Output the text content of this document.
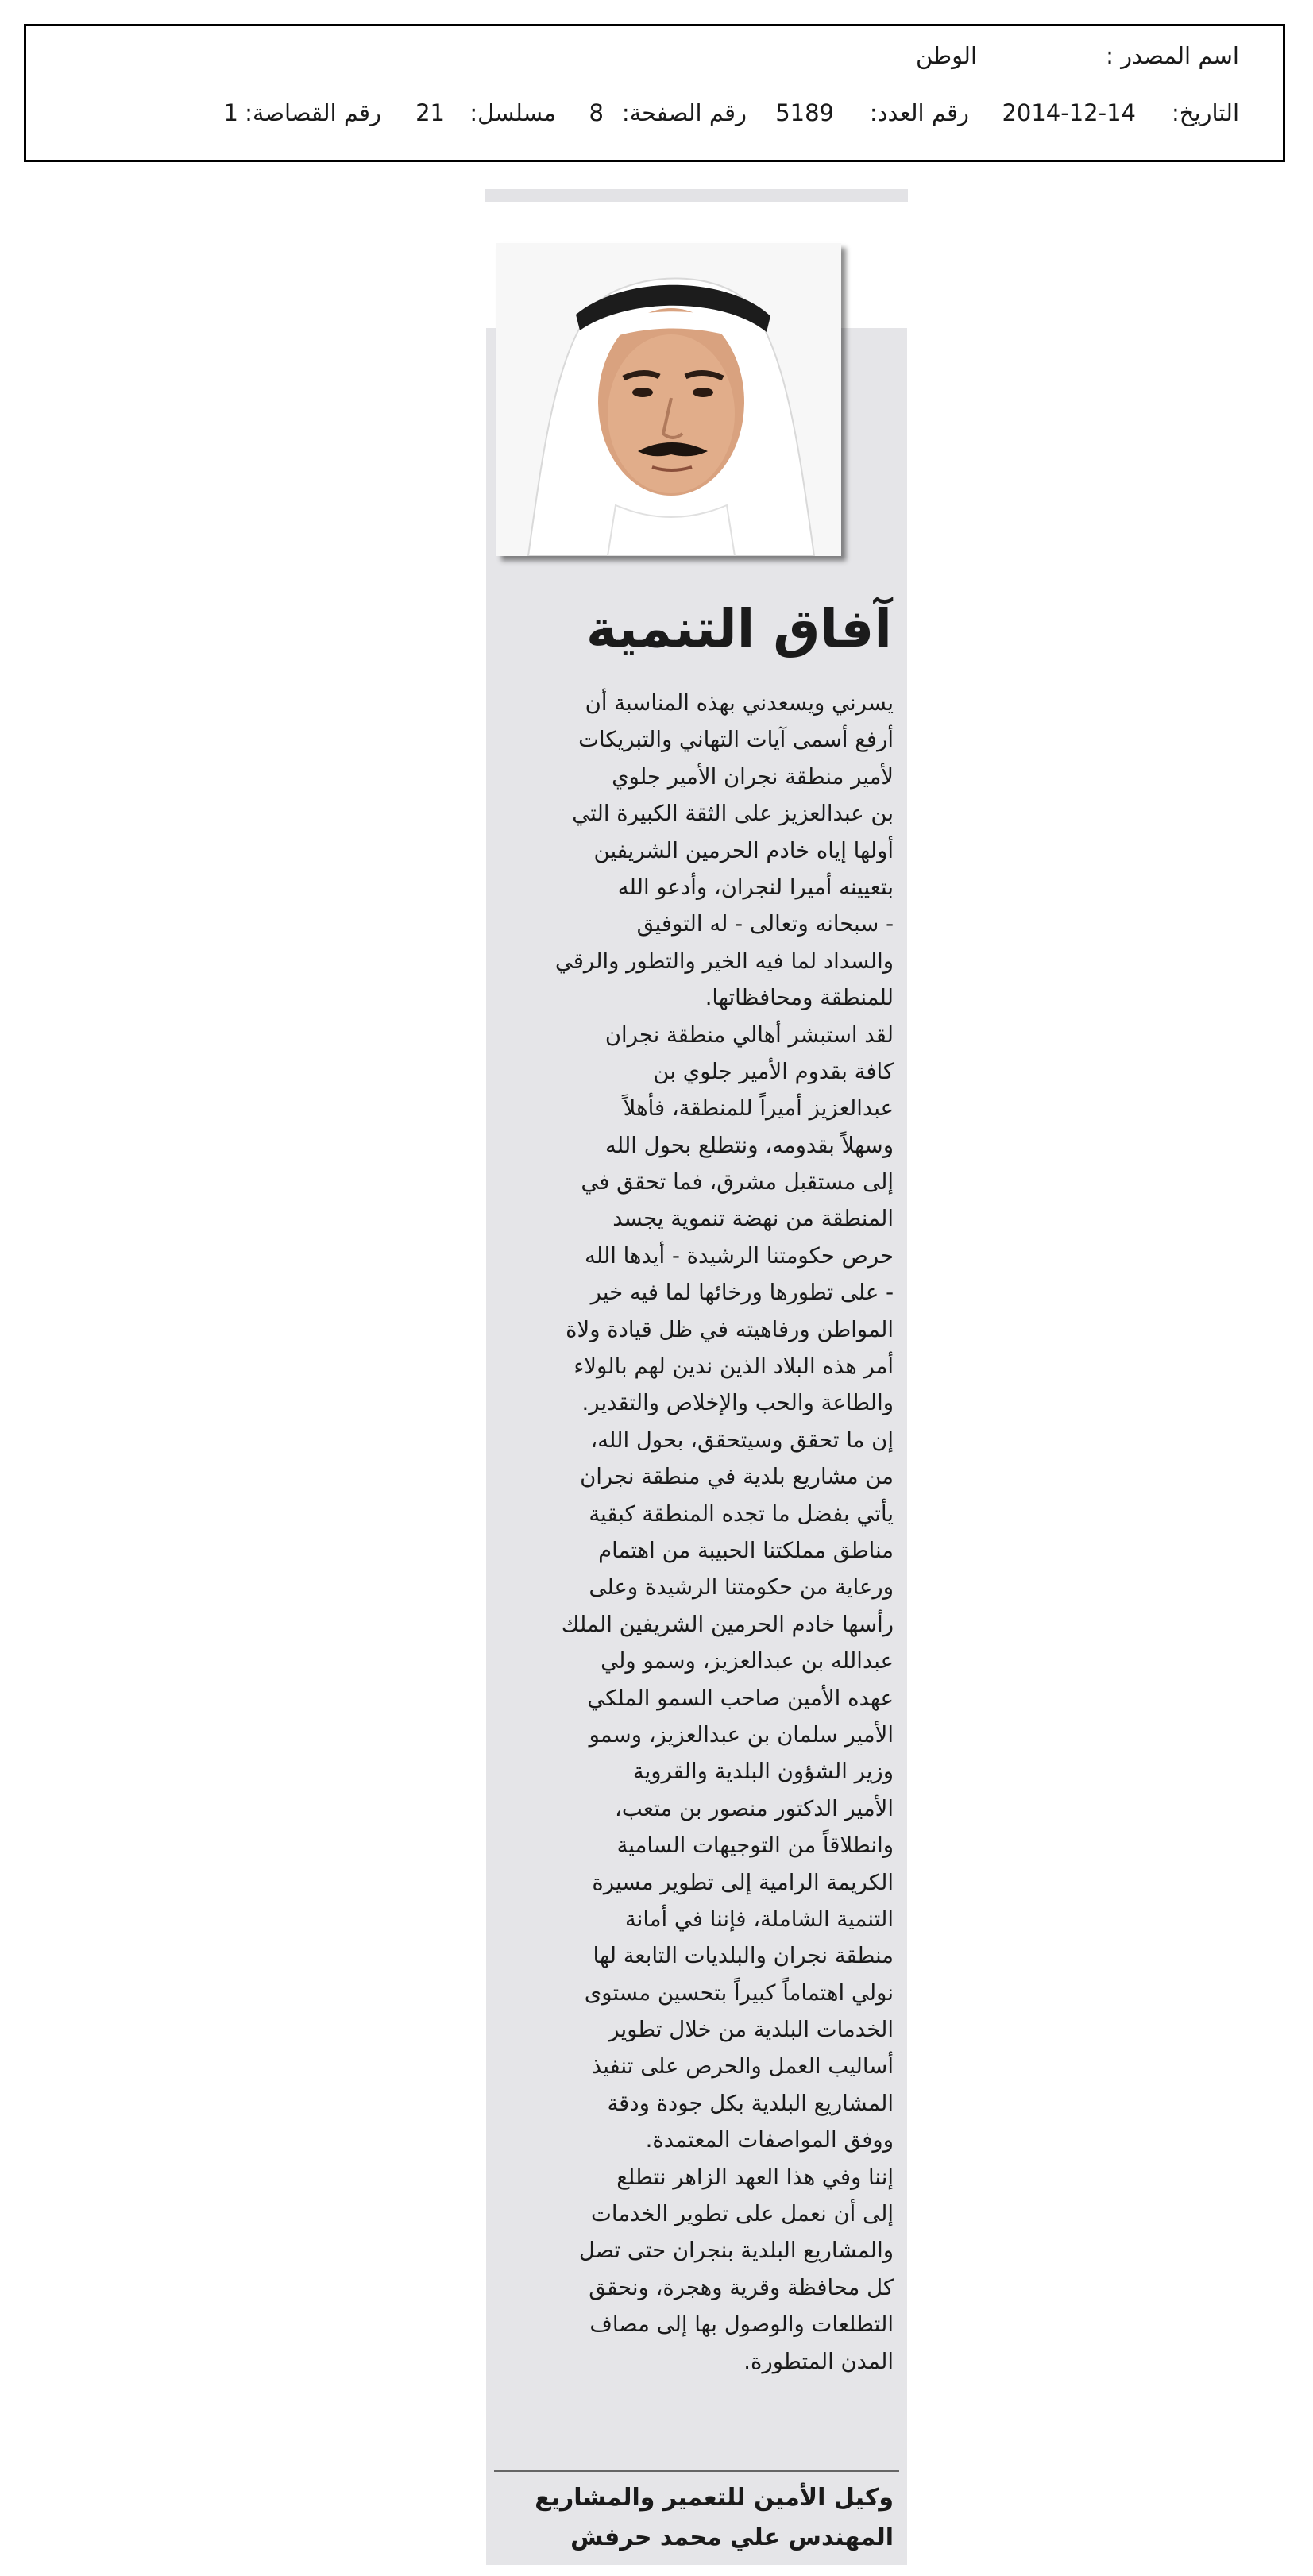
اسم المصدر :
الوطن
التاريخ:
2014-12-14
رقم العدد:
5189
رقم الصفحة:
8
مسلسل:
21
رقم القصاصة:
1
آفاق التنمية
يسرني ويسعدني بهذه المناسبة أن
أرفع أسمى آيات التهاني والتبريكات
لأمير منطقة نجران الأمير جلوي
بن عبدالعزيز على الثقة الكبيرة التي
أولها إياه خادم الحرمين الشريفين
بتعيينه أميرا لنجران، وأدعو الله
- سبحانه وتعالى - له التوفيق
والسداد لما فيه الخير والتطور والرقي
للمنطقة ومحافظاتها.
لقد استبشر أهالي منطقة نجران
كافة بقدوم الأمير جلوي بن
عبدالعزيز أميراً للمنطقة، فأهلاً
وسهلاً بقدومه، ونتطلع بحول الله
إلى مستقبل مشرق، فما تحقق في
المنطقة من نهضة تنموية يجسد
حرص حكومتنا الرشيدة - أيدها الله
- على تطورها ورخائها لما فيه خير
المواطن ورفاهيته في ظل قيادة ولاة
أمر هذه البلاد الذين ندين لهم بالولاء
والطاعة والحب والإخلاص والتقدير.
إن ما تحقق وسيتحقق، بحول الله،
من مشاريع بلدية في منطقة نجران
يأتي بفضل ما تجده المنطقة كبقية
مناطق مملكتنا الحبيبة من اهتمام
ورعاية من حكومتنا الرشيدة وعلى
رأسها خادم الحرمين الشريفين الملك
عبدالله بن عبدالعزيز، وسمو ولي
عهده الأمين صاحب السمو الملكي
الأمير سلمان بن عبدالعزيز، وسمو
وزير الشؤون البلدية والقروية
الأمير الدكتور منصور بن متعب،
وانطلاقاً من التوجيهات السامية
الكريمة الرامية إلى تطوير مسيرة
التنمية الشاملة، فإننا في أمانة
منطقة نجران والبلديات التابعة لها
نولي اهتماماً كبيراً بتحسين مستوى
الخدمات البلدية من خلال تطوير
أساليب العمل والحرص على تنفيذ
المشاريع البلدية بكل جودة ودقة
ووفق المواصفات المعتمدة.
إننا وفي هذا العهد الزاهر نتطلع
إلى أن نعمل على تطوير الخدمات
والمشاريع البلدية بنجران حتى تصل
كل محافظة وقرية وهجرة، ونحقق
التطلعات والوصول بها إلى مصاف
المدن المتطورة.
وكيل الأمين للتعمير والمشاريع
المهندس علي محمد حرفش
